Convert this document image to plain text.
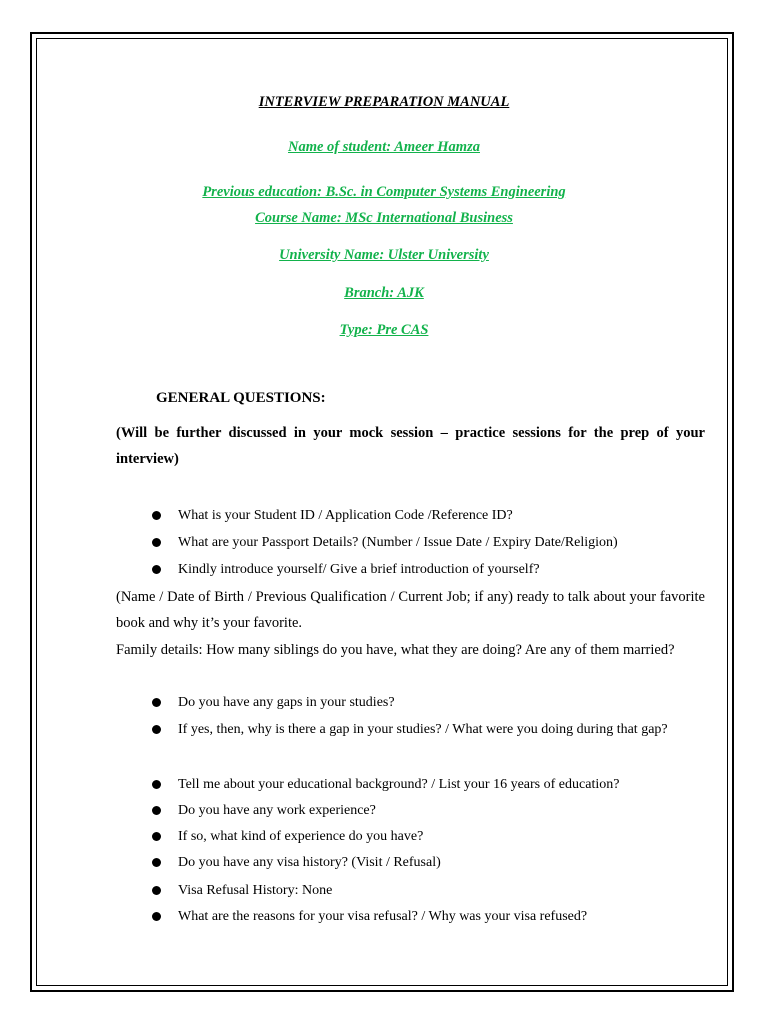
INTERVIEW PREPARATION MANUAL
Name of student: Ameer Hamza
Previous education: B.Sc. in Computer Systems Engineering
Course Name: MSc International Business
University Name: Ulster University
Branch: AJK
Type: Pre CAS
GENERAL QUESTIONS:
(Will be further discussed in your mock session – practice sessions for the prep of your interview)
What is your Student ID / Application Code /Reference ID?
What are your Passport Details? (Number / Issue Date / Expiry Date/Religion)
Kindly introduce yourself/ Give a brief introduction of yourself?
(Name / Date of Birth / Previous Qualification / Current Job; if any) ready to talk about your favorite book and why it’s your favorite.
Family details: How many siblings do you have, what they are doing? Are any of them married?
Do you have any gaps in your studies?
If yes, then, why is there a gap in your studies? / What were you doing during that gap?
Tell me about your educational background? / List your 16 years of education?
Do you have any work experience?
If so, what kind of experience do you have?
Do you have any visa history? (Visit / Refusal)
Visa Refusal History: None
What are the reasons for your visa refusal? / Why was your visa refused?
